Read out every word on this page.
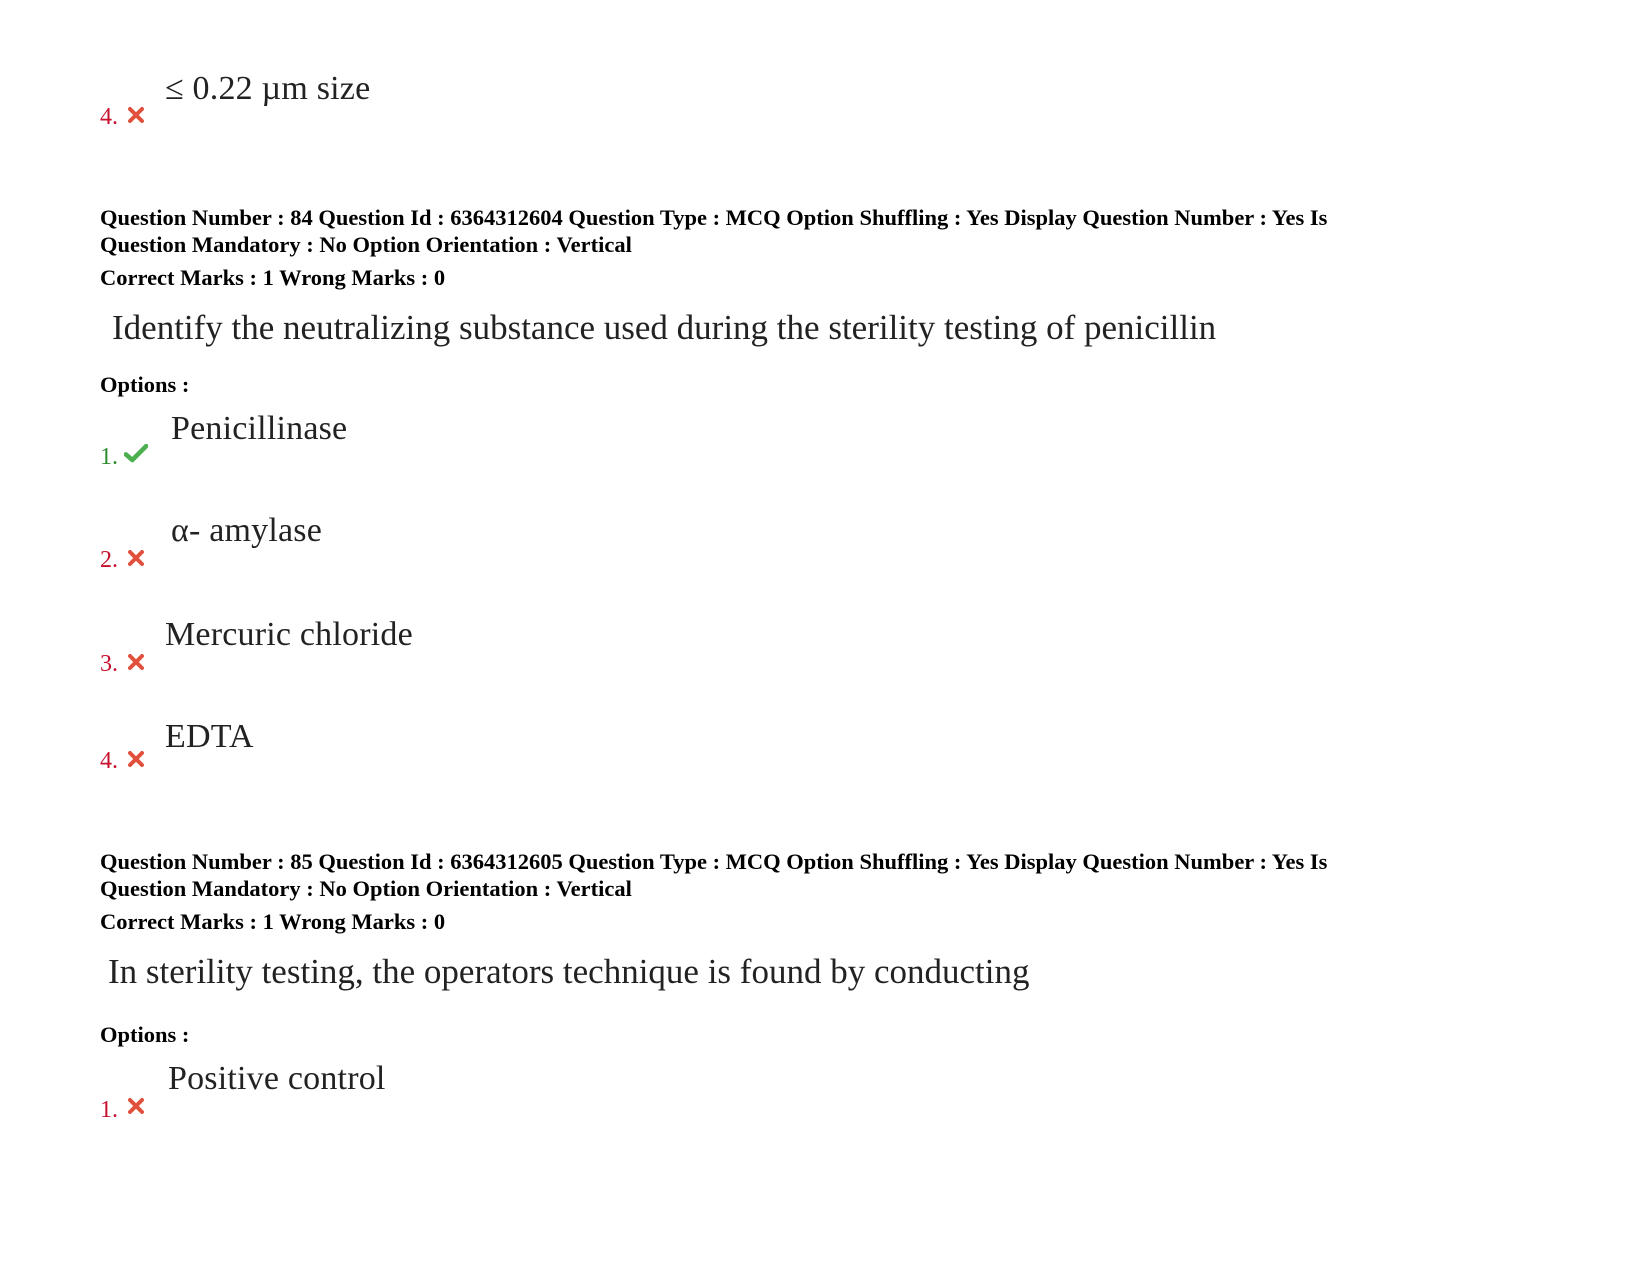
4.
≤ 0.22 µm size
Question Number : 84 Question Id : 6364312604 Question Type : MCQ Option Shuffling : Yes Display Question Number : Yes Is
Question Mandatory : No Option Orientation : Vertical
Correct Marks : 1 Wrong Marks : 0
Identify the neutralizing substance used during the sterility testing of penicillin
Options :
1.
Penicillinase
2.
α- amylase
3.
Mercuric chloride
4.
EDTA
Question Number : 85 Question Id : 6364312605 Question Type : MCQ Option Shuffling : Yes Display Question Number : Yes Is
Question Mandatory : No Option Orientation : Vertical
Correct Marks : 1 Wrong Marks : 0
In sterility testing, the operators technique is found by conducting
Options :
1.
Positive control
